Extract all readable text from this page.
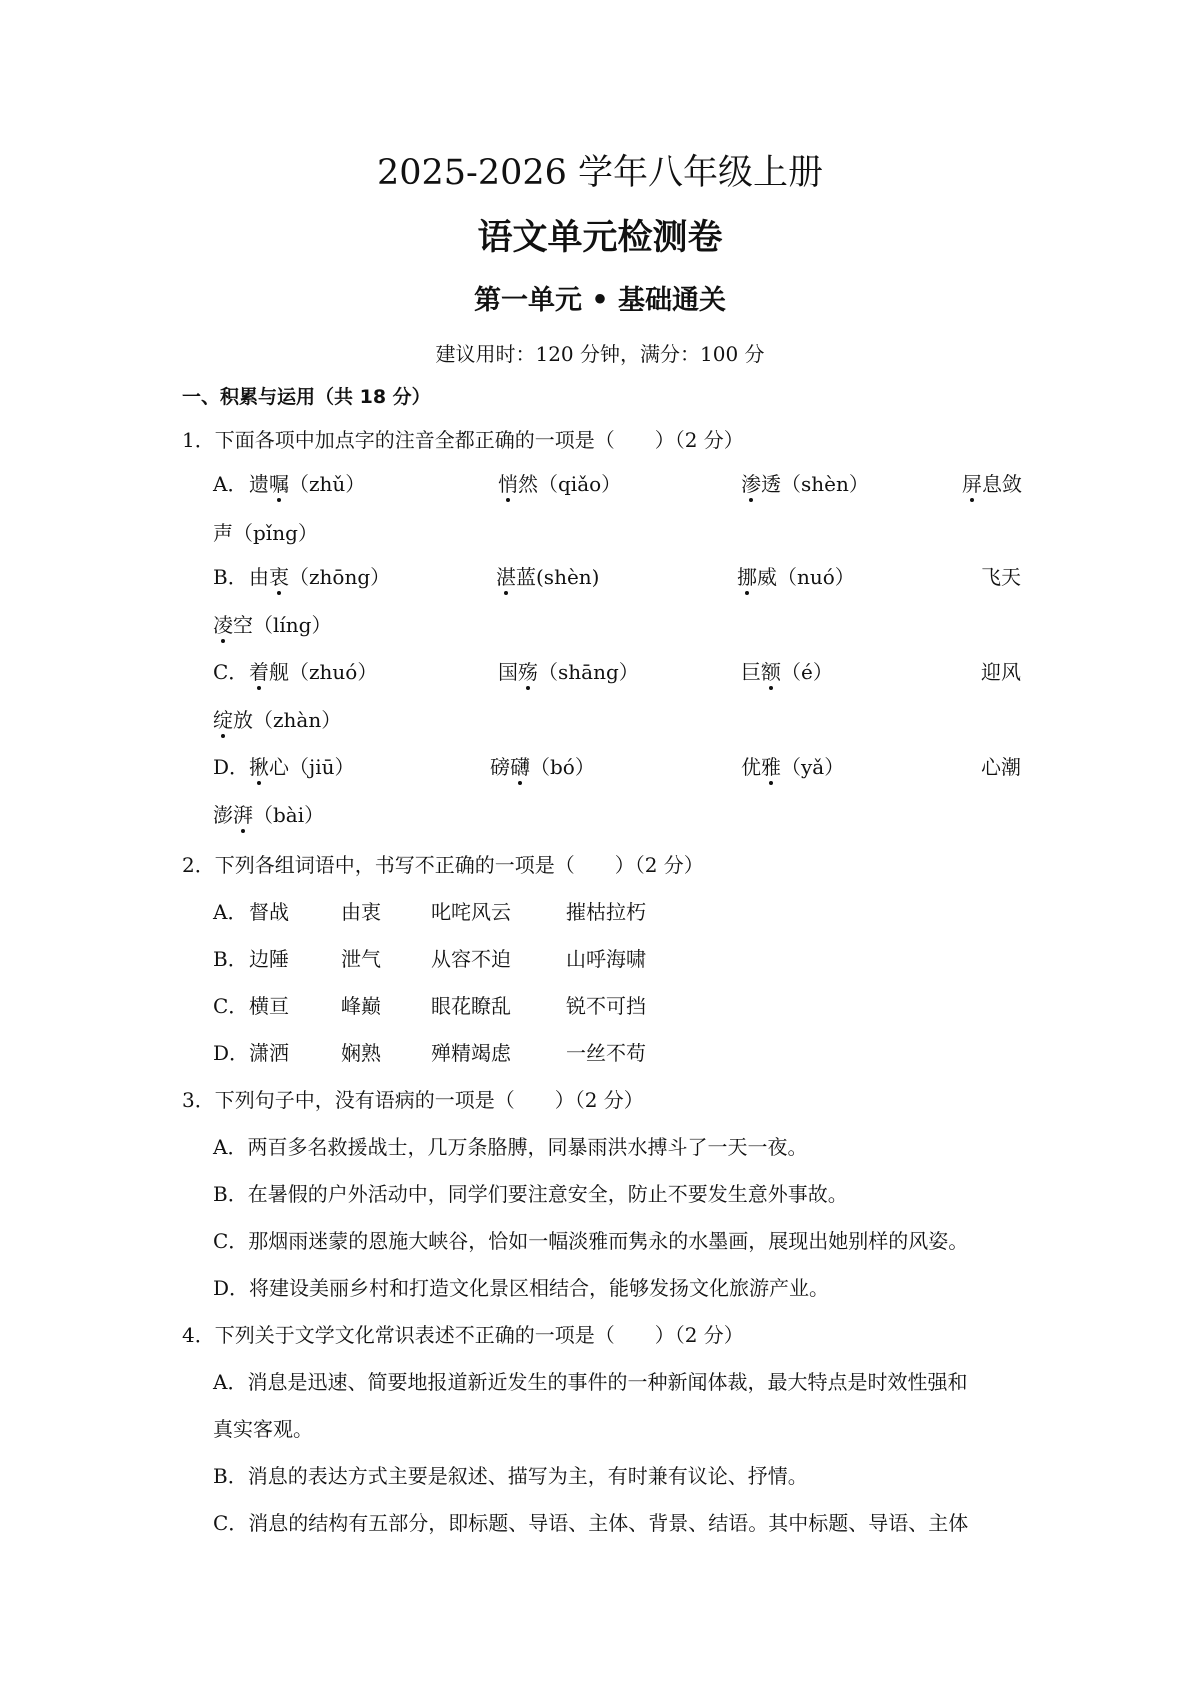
2025-2026 学年八年级上册
语文单元检测卷
第一单元 • 基础通关
建议用时：120 分钟，满分：100 分
一、积累与运用（共 18 分）
1．下面各项中加点字的注音全都正确的一项是（　　）（2 分）
A． 遗嘱（zhǔ）	悄然（qiǎo）	渗透（shèn）	屏息敛
声（pǐng）
B． 由衷（zhōng）	湛蓝(shèn)	挪威（nuó）	飞天
凌空（líng）
C． 着舰（zhuó）	国殇（shāng）	巨额（é）	迎风
绽放（zhàn）
D． 揪心（jiū）	磅礴（bó）	优雅（yǎ）	心潮
澎湃（bài）
2．下列各组词语中，书写不正确的一项是（　　）（2 分）
A． 督战	由衷	叱咤风云	摧枯拉朽
B． 边陲	泄气	从容不迫	山呼海啸
C． 横亘	峰巅	眼花瞭乱	锐不可挡
D． 潇洒	娴熟	殚精竭虑	一丝不苟
3．下列句子中，没有语病的一项是（　　）（2 分）
A．两百多名救援战士，几万条胳膊，同暴雨洪水搏斗了一天一夜。
B．在暑假的户外活动中，同学们要注意安全，防止不要发生意外事故。
C．那烟雨迷蒙的恩施大峡谷，恰如一幅淡雅而隽永的水墨画，展现出她别样的风姿。
D．将建设美丽乡村和打造文化景区相结合，能够发扬文化旅游产业。
4．下列关于文学文化常识表述不正确的一项是（　　）（2 分）
A．消息是迅速、简要地报道新近发生的事件的一种新闻体裁，最大特点是时效性强和
真实客观。
B．消息的表达方式主要是叙述、描写为主，有时兼有议论、抒情。
C．消息的结构有五部分，即标题、导语、主体、背景、结语。其中标题、导语、主体
